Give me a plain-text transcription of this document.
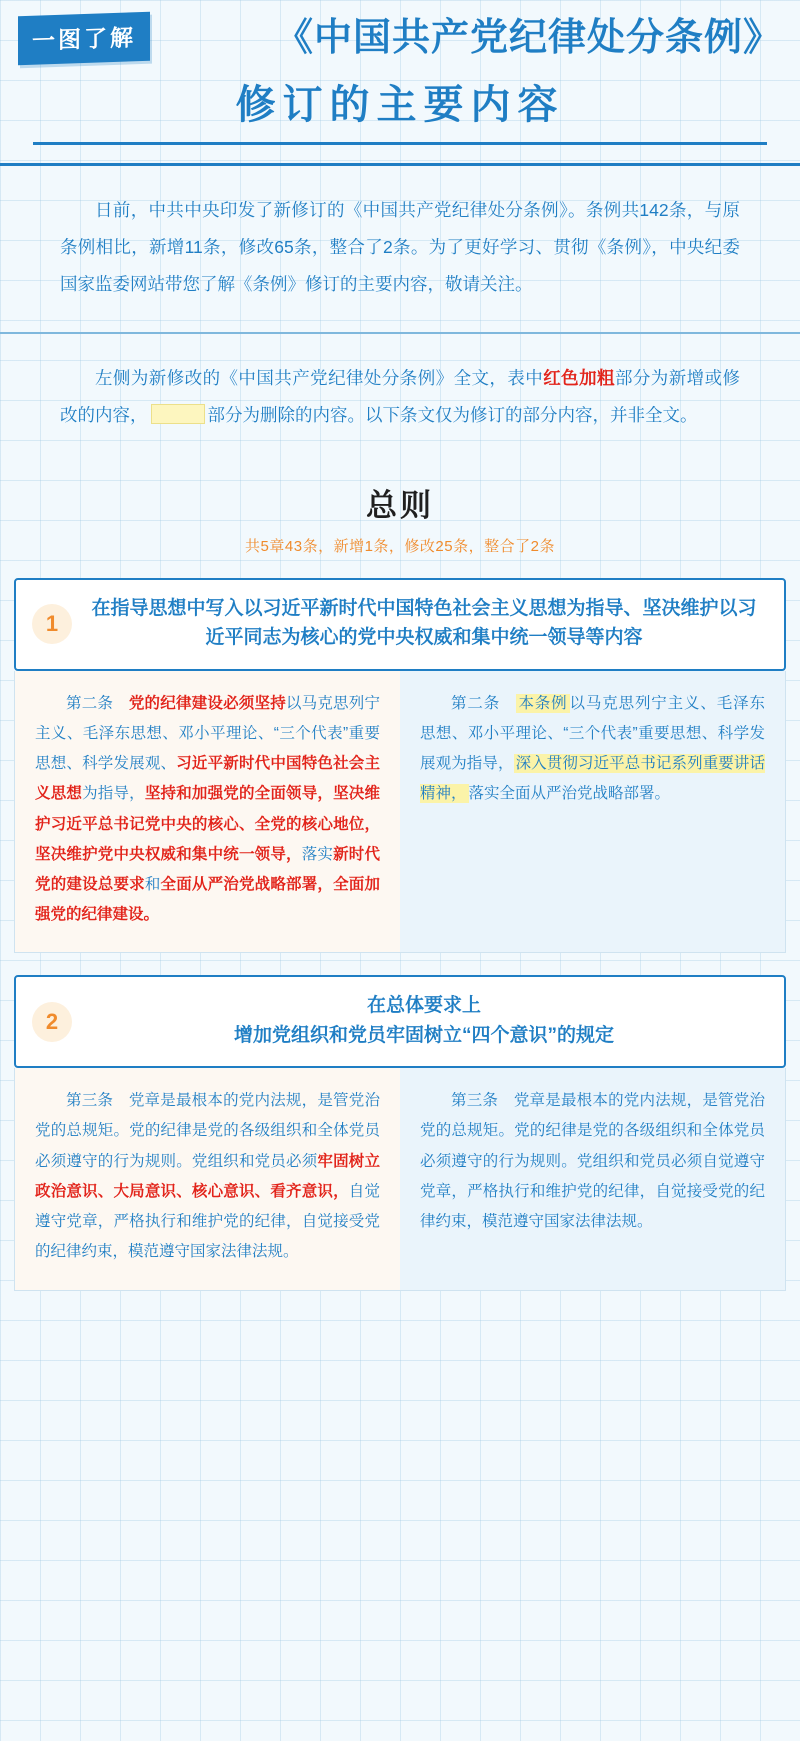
一图了解	《中国共产党纪律处分条例》
修订的主要内容
日前，中共中央印发了新修订的《中国共产党纪律处分条例》。条例共142条，与原条例相比，新增11条，修改65条，整合了2条。为了更好学习、贯彻《条例》，中央纪委国家监委网站带您了解《条例》修订的主要内容，敬请关注。
左侧为新修改的《中国共产党纪律处分条例》全文，表中红色加粗部分为新增或修改的内容，	部分为删除的内容。以下条文仅为修订的部分内容，并非全文。
总则
共5章43条，新增1条，修改25条，整合了2条
1
在指导思想中写入以习近平新时代中国特色社会主义思想为指导、坚决维护以习近平同志为核心的党中央权威和集中统一领导等内容

第二条　党的纪律建设必须坚持以马克思列宁主义、毛泽东思想、邓小平理论、“三个代表”重要思想、科学发展观、习近平新时代中国特色社会主义思想为指导，坚持和加强党的全面领导，坚决维护习近平总书记党中央的核心、全党的核心地位，坚决维护党中央权威和集中统一领导，落实新时代党的建设总要求和全面从严治党战略部署，全面加强党的纪律建设。

第二条　本条例 以马克思列宁主义、毛泽东思想、邓小平理论、“三个代表”重要思想、科学发展观为指导， 深入贯彻习近平总书记系列重要讲话精神， 落实全面从严治党战略部署。

2
在总体要求上
增加党组织和党员牢固树立“四个意识”的规定

第三条　党章是最根本的党内法规，是管党治党的总规矩。党的纪律是党的各级组织和全体党员必须遵守的行为规则。党组织和党员必须牢固树立政治意识、大局意识、核心意识、看齐意识，自觉遵守党章，严格执行和维护党的纪律，自觉接受党的纪律约束，模范遵守国家法律法规。

第三条　党章是最根本的党内法规，是管党治党的总规矩。党的纪律是党的各级组织和全体党员必须遵守的行为规则。党组织和党员必须自觉遵守党章，严格执行和维护党的纪律，自觉接受党的纪律约束，模范遵守国家法律法规。
